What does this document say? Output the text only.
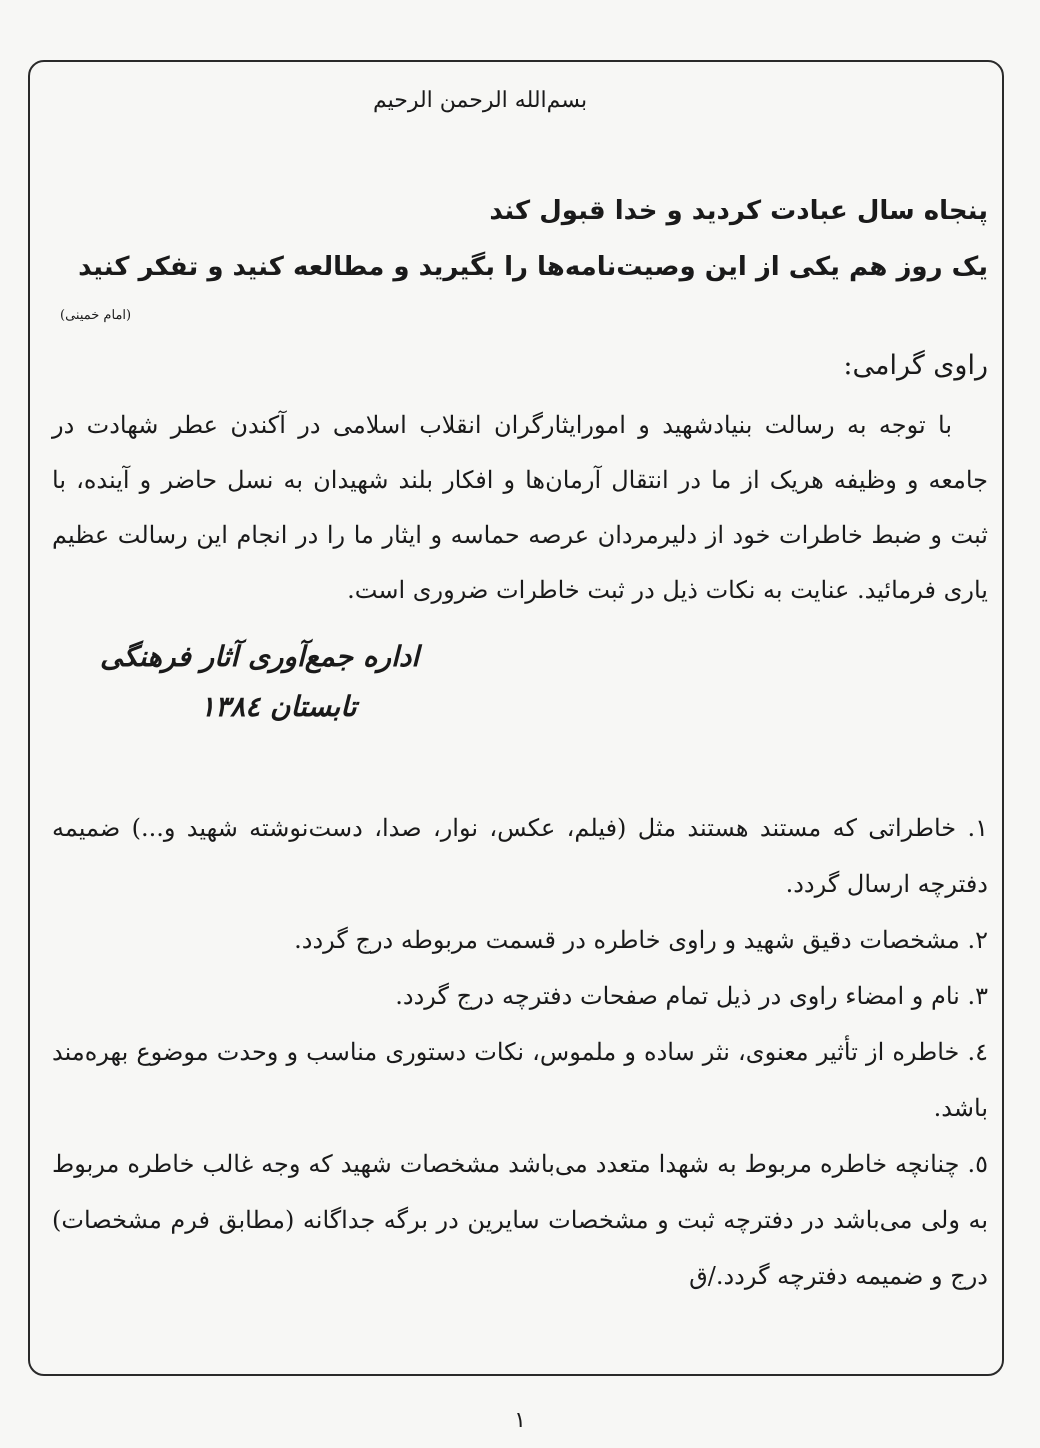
بسم‌الله الرحمن الرحیم
پنجاه سال عبادت کردید و خدا قبول کند
یک روز هم یکی از این وصیت‌نامه‌ها را بگیرید و مطالعه کنید و تفکر کنید
(امام خمینی)
راوی گرامی:

با توجه به رسالت بنیادشهید و امورایثارگران انقلاب اسلامی در آکندن عطر شهادت در جامعه و وظیفه هریک از ما در انتقال آرمان‌ها و افکار بلند شهیدان به نسل حاضر و آینده، با ثبت و ضبط خاطرات خود از دلیرمردان عرصه حماسه و ایثار ما را در انجام این رسالت عظیم یاری فرمائید. عنایت به نکات ذیل در ثبت خاطرات ضروری است.

اداره جمع‌آوری آثار فرهنگی
تابستان ۱۳۸٤

١. خاطراتی که مستند هستند مثل (فیلم، عکس، نوار، صدا، دست‌نوشته شهید و...) ضمیمه دفترچه ارسال گردد.

٢. مشخصات دقیق شهید و راوی خاطره در قسمت مربوطه درج گردد.

٣. نام و امضاء راوی در ذیل تمام صفحات دفترچه درج گردد.

٤. خاطره از تأثیر معنوی، نثر ساده و ملموس، نکات دستوری مناسب و وحدت موضوع بهره‌مند باشد.

٥. چنانچه خاطره مربوط به شهدا متعدد می‌باشد مشخصات شهید که وجه غالب خاطره مربوط به ولی می‌باشد در دفترچه ثبت و مشخصات سایرین در برگه جداگانه (مطابق فرم مشخصات) درج و ضمیمه دفترچه گردد./ق

١
